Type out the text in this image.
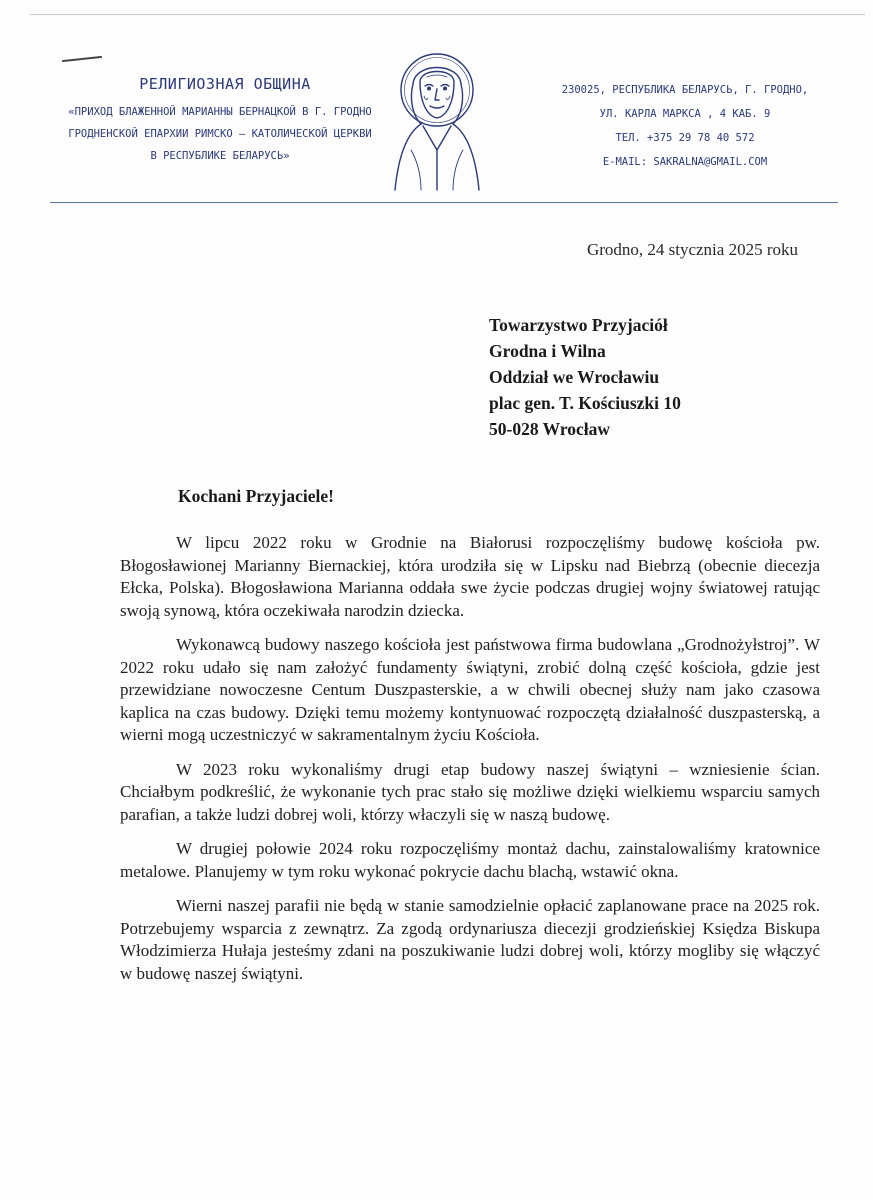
РЕЛИГИОЗНАЯ ОБЩИНА
«ПРИХОД БЛАЖЕННОЙ МАРИАННЫ БЕРНАЦКОЙ В Г. ГРОДНО
ГРОДНЕНСКОЙ ЕПАРХИИ РИМСКО – КАТОЛИЧЕСКОЙ ЦЕРКВИ
В РЕСПУБЛИКЕ БЕЛАРУСЬ»
230025, РЕСПУБЛИКА БЕЛАРУСЬ, Г. ГРОДНО,
УЛ. КАРЛА МАРКСА , 4 КАБ. 9
ТЕЛ. +375 29 78 40 572
E-MAIL: SAKRALNA@GMAIL.COM
Grodno, 24 stycznia 2025 roku
Towarzystwo Przyjaciół
Grodna i Wilna
Oddział we Wrocławiu
plac gen. T. Kościuszki 10
50-028 Wrocław
Kochani Przyjaciele!

W lipcu 2022 roku w Grodnie na Białorusi rozpoczęliśmy budowę kościoła pw. Błogosławionej Marianny Biernackiej, która urodziła się w Lipsku nad Biebrzą (obecnie diecezja Ełcka, Polska). Błogosławiona Marianna oddała swe życie podczas drugiej wojny światowej ratując swoją synową, która oczekiwała narodzin dziecka.

Wykonawcą budowy naszego kościoła jest państwowa firma budowlana „Grodnożyłstroj”. W 2022 roku udało się nam założyć fundamenty świątyni, zrobić dolną część kościoła, gdzie jest przewidziane nowoczesne Centum Duszpasterskie, a w chwili obecnej służy nam jako czasowa kaplica na czas budowy. Dzięki temu możemy kontynuować rozpoczętą działalność duszpasterską, a wierni mogą uczestniczyć w sakramentalnym życiu Kościoła.

W 2023 roku wykonaliśmy drugi etap budowy naszej świątyni – wzniesienie ścian. Chciałbym podkreślić, że wykonanie tych prac stało się możliwe dzięki wielkiemu wsparciu samych parafian, a także ludzi dobrej woli, którzy właczyli się w naszą budowę.

W drugiej połowie 2024 roku rozpoczęliśmy montaż dachu, zainstalowaliśmy kratownice metalowe. Planujemy w tym roku wykonać pokrycie dachu blachą, wstawić okna.

Wierni naszej parafii nie będą w stanie samodzielnie opłacić zaplanowane prace na 2025 rok. Potrzebujemy wsparcia z zewnątrz. Za zgodą ordynariusza diecezji grodzieńskiej Księdza Biskupa Włodzimierza Hułaja jesteśmy zdani na poszukiwanie ludzi dobrej woli, którzy mogliby się włączyć w budowę naszej świątyni.
